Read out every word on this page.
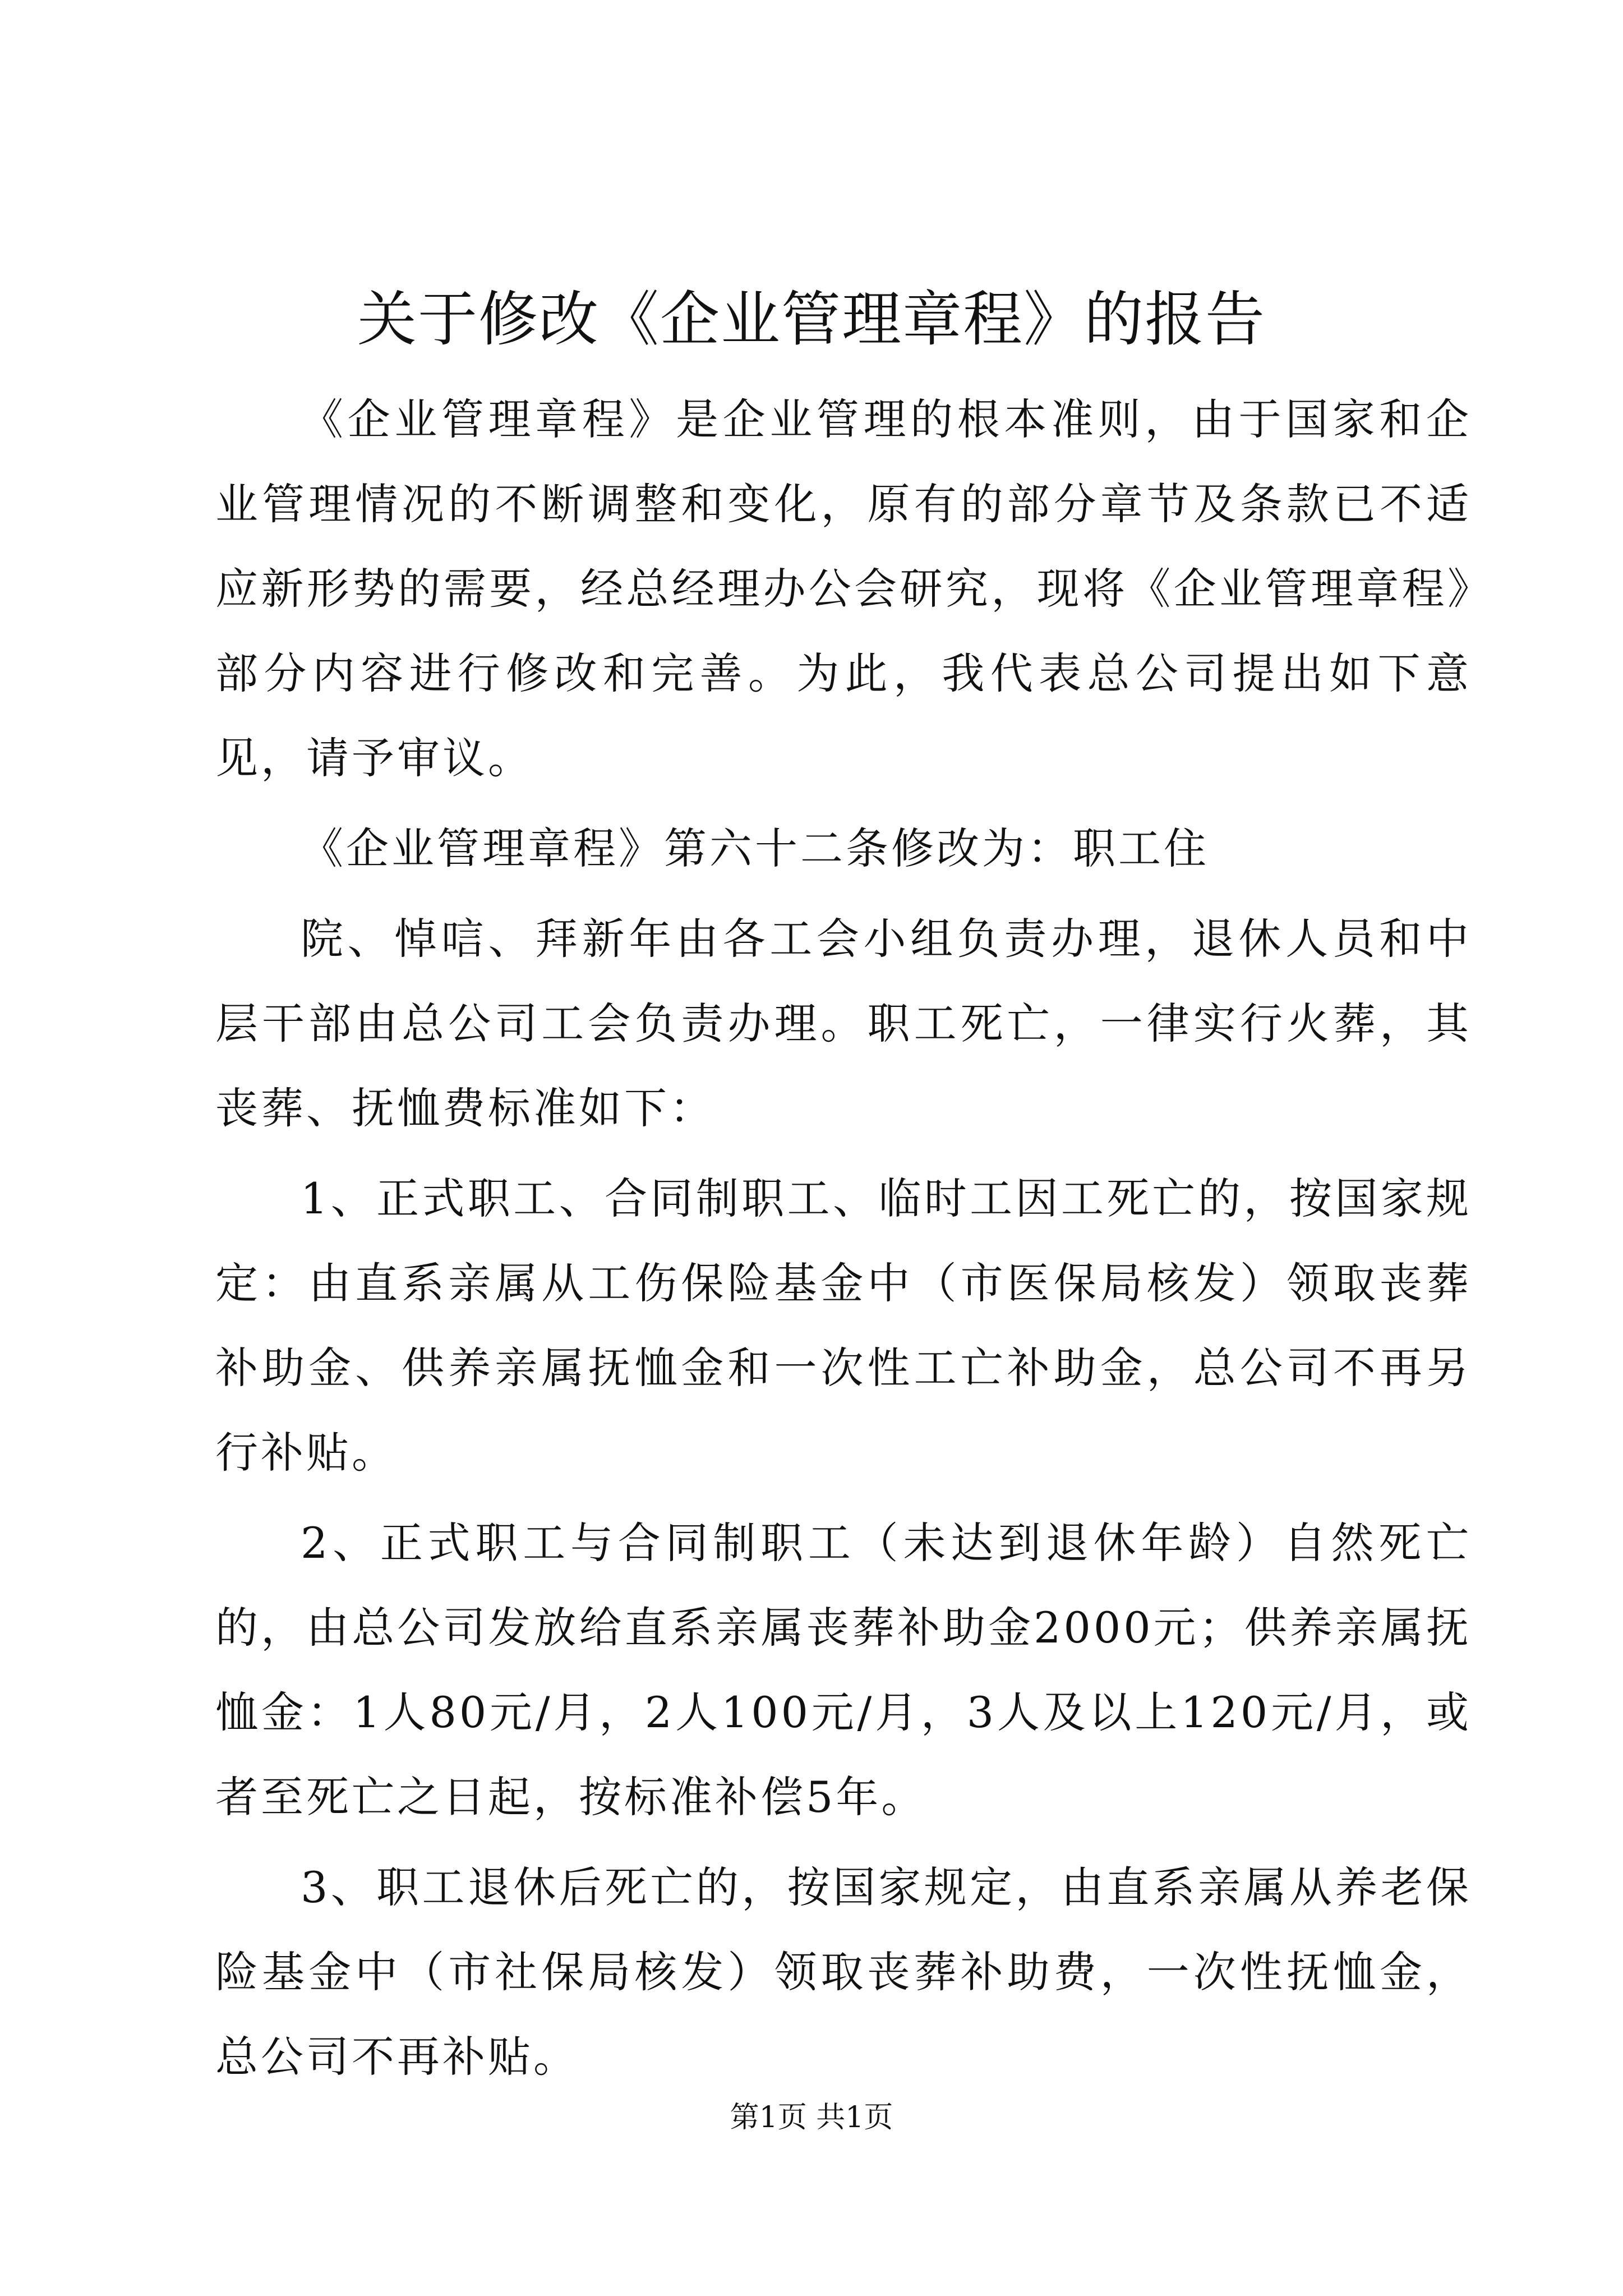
关于修改《企业管理章程》的报告

《企业管理章程》是企业管理的根本准则，由于国家和企业管理情况的不断调整和变化，原有的部分章节及条款已不适应新形势的需要，经总经理办公会研究，现将《企业管理章程》部分内容进行修改和完善。为此，我代表总公司提出如下意见，请予审议。

《企业管理章程》第六十二条修改为：职工住

院、悼唁、拜新年由各工会小组负责办理，退休人员和中层干部由总公司工会负责办理。职工死亡，一律实行火葬，其丧葬、抚恤费标准如下：

1、正式职工、合同制职工、临时工因工死亡的，按国家规定：由直系亲属从工伤保险基金中（市医保局核发）领取丧葬补助金、供养亲属抚恤金和一次性工亡补助金，总公司不再另行补贴。

2、正式职工与合同制职工（未达到退休年龄）自然死亡的，由总公司发放给直系亲属丧葬补助金2000元；供养亲属抚恤金：1人80元/月，2人100元/月，3人及以上120元/月，或者至死亡之日起，按标准补偿5年。

3、职工退休后死亡的，按国家规定，由直系亲属从养老保险基金中（市社保局核发）领取丧葬补助费，一次性抚恤金，总公司不再补贴。

第1页 共1页
